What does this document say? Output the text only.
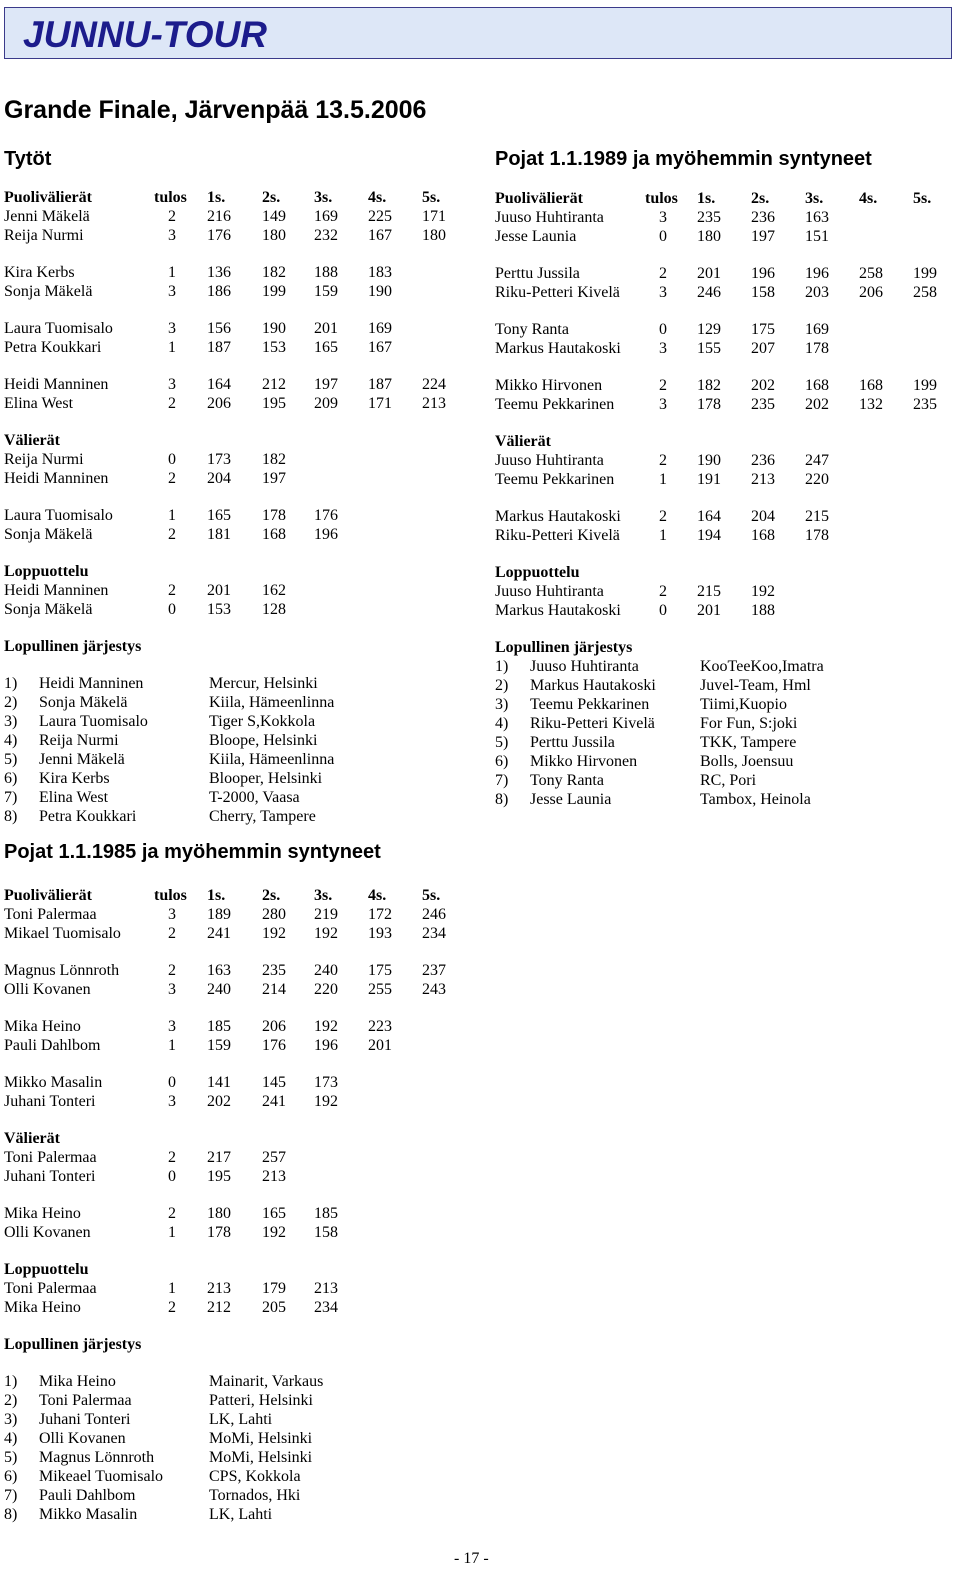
JUNNU-TOUR
Grande Finale, Järvenpää 13.5.2006
Tytöt
Puolivälierät	tulos 1s. 2s. 3s. 4s. 5s.
Jenni Mäkelä	2 216 149 169 225 171
Reija Nurmi	3 176 180 232 167 180
Kira Kerbs	1 136 182 188 183
Sonja Mäkelä	3 186 199 159 190
Laura Tuomisalo	3 156 190 201 169
Petra Koukkari	1 187 153 165 167
Heidi Manninen	3 164 212 197 187 224
Elina West	2 206 195 209 171 213
Välierät
Reija Nurmi	0 173 182
Heidi Manninen	2 204 197
Laura Tuomisalo	1 165 178 176
Sonja Mäkelä	2 181 168 196
Loppuottelu
Heidi Manninen	2 201 162
Sonja Mäkelä	0 153 128
Lopullinen järjestys
1) Heidi Manninen	Mercur, Helsinki
2) Sonja Mäkelä	Kiila, Hämeenlinna
3) Laura Tuomisalo	Tiger S,Kokkola
4) Reija Nurmi	Bloope, Helsinki
5) Jenni Mäkelä	Kiila, Hämeenlinna
6) Kira Kerbs	Blooper, Helsinki
7) Elina West	T-2000, Vaasa
8) Petra Koukkari	Cherry, Tampere
Pojat 1.1.1989 ja myöhemmin syntyneet
Puolivälierät	tulos 1s. 2s. 3s. 4s. 5s.
Juuso Huhtiranta	3 235 236 163
Jesse Launia	0 180 197 151
Perttu Jussila	2 201 196 196 258 199
Riku-Petteri Kivelä 3 246 158 203 206 258
Tony Ranta	0 129 175 169
Markus Hautakoski 3 155 207 178
Mikko Hirvonen	2 182 202 168 168 199
Teemu Pekkarinen	3 178 235 202 132 235
Välierät
Juuso Huhtiranta	2 190 236 247
Teemu Pekkarinen	1 191 213 220
Markus Hautakoski 2 164 204 215
Riku-Petteri Kivelä 1 194 168 178
Loppuottelu
Juuso Huhtiranta	2 215 192
Markus Hautakoski 0 201 188
Lopullinen järjestys
1) Juuso Huhtiranta	KooTeeKoo,Imatra
2) Markus Hautakoski	Juvel-Team, Hml
3) Teemu Pekkarinen	Tiimi,Kuopio
4) Riku-Petteri Kivelä	For Fun, S:joki
5) Perttu Jussila	TKK, Tampere
6) Mikko Hirvonen	Bolls, Joensuu
7) Tony Ranta	RC, Pori
8) Jesse Launia	Tambox, Heinola
Pojat 1.1.1985 ja myöhemmin syntyneet
Puolivälierät	tulos 1s. 2s. 3s. 4s. 5s.
Toni Palermaa	3 189 280 219 172 246
Mikael Tuomisalo	2 241 192 192 193 234
Magnus Lönnroth	2 163 235 240 175 237
Olli Kovanen	3 240 214 220 255 243
Mika Heino	3 185 206 192 223
Pauli Dahlbom	1 159 176 196 201
Mikko Masalin	0 141 145 173
Juhani Tonteri	3 202 241 192
Välierät
Toni Palermaa	2 217 257
Juhani Tonteri	0 195 213
Mika Heino	2 180 165 185
Olli Kovanen	1 178 192 158
Loppuottelu
Toni Palermaa	1 213 179 213
Mika Heino	2 212 205 234
Lopullinen järjestys
1) Mika Heino	Mainarit, Varkaus
2) Toni Palermaa	Patteri, Helsinki
3) Juhani Tonteri	LK, Lahti
4) Olli Kovanen	MoMi, Helsinki
5) Magnus Lönnroth	MoMi, Helsinki
6) Mikeael Tuomisalo	CPS, Kokkola
7) Pauli Dahlbom	Tornados, Hki
8) Mikko Masalin	LK, Lahti
- 17 -
